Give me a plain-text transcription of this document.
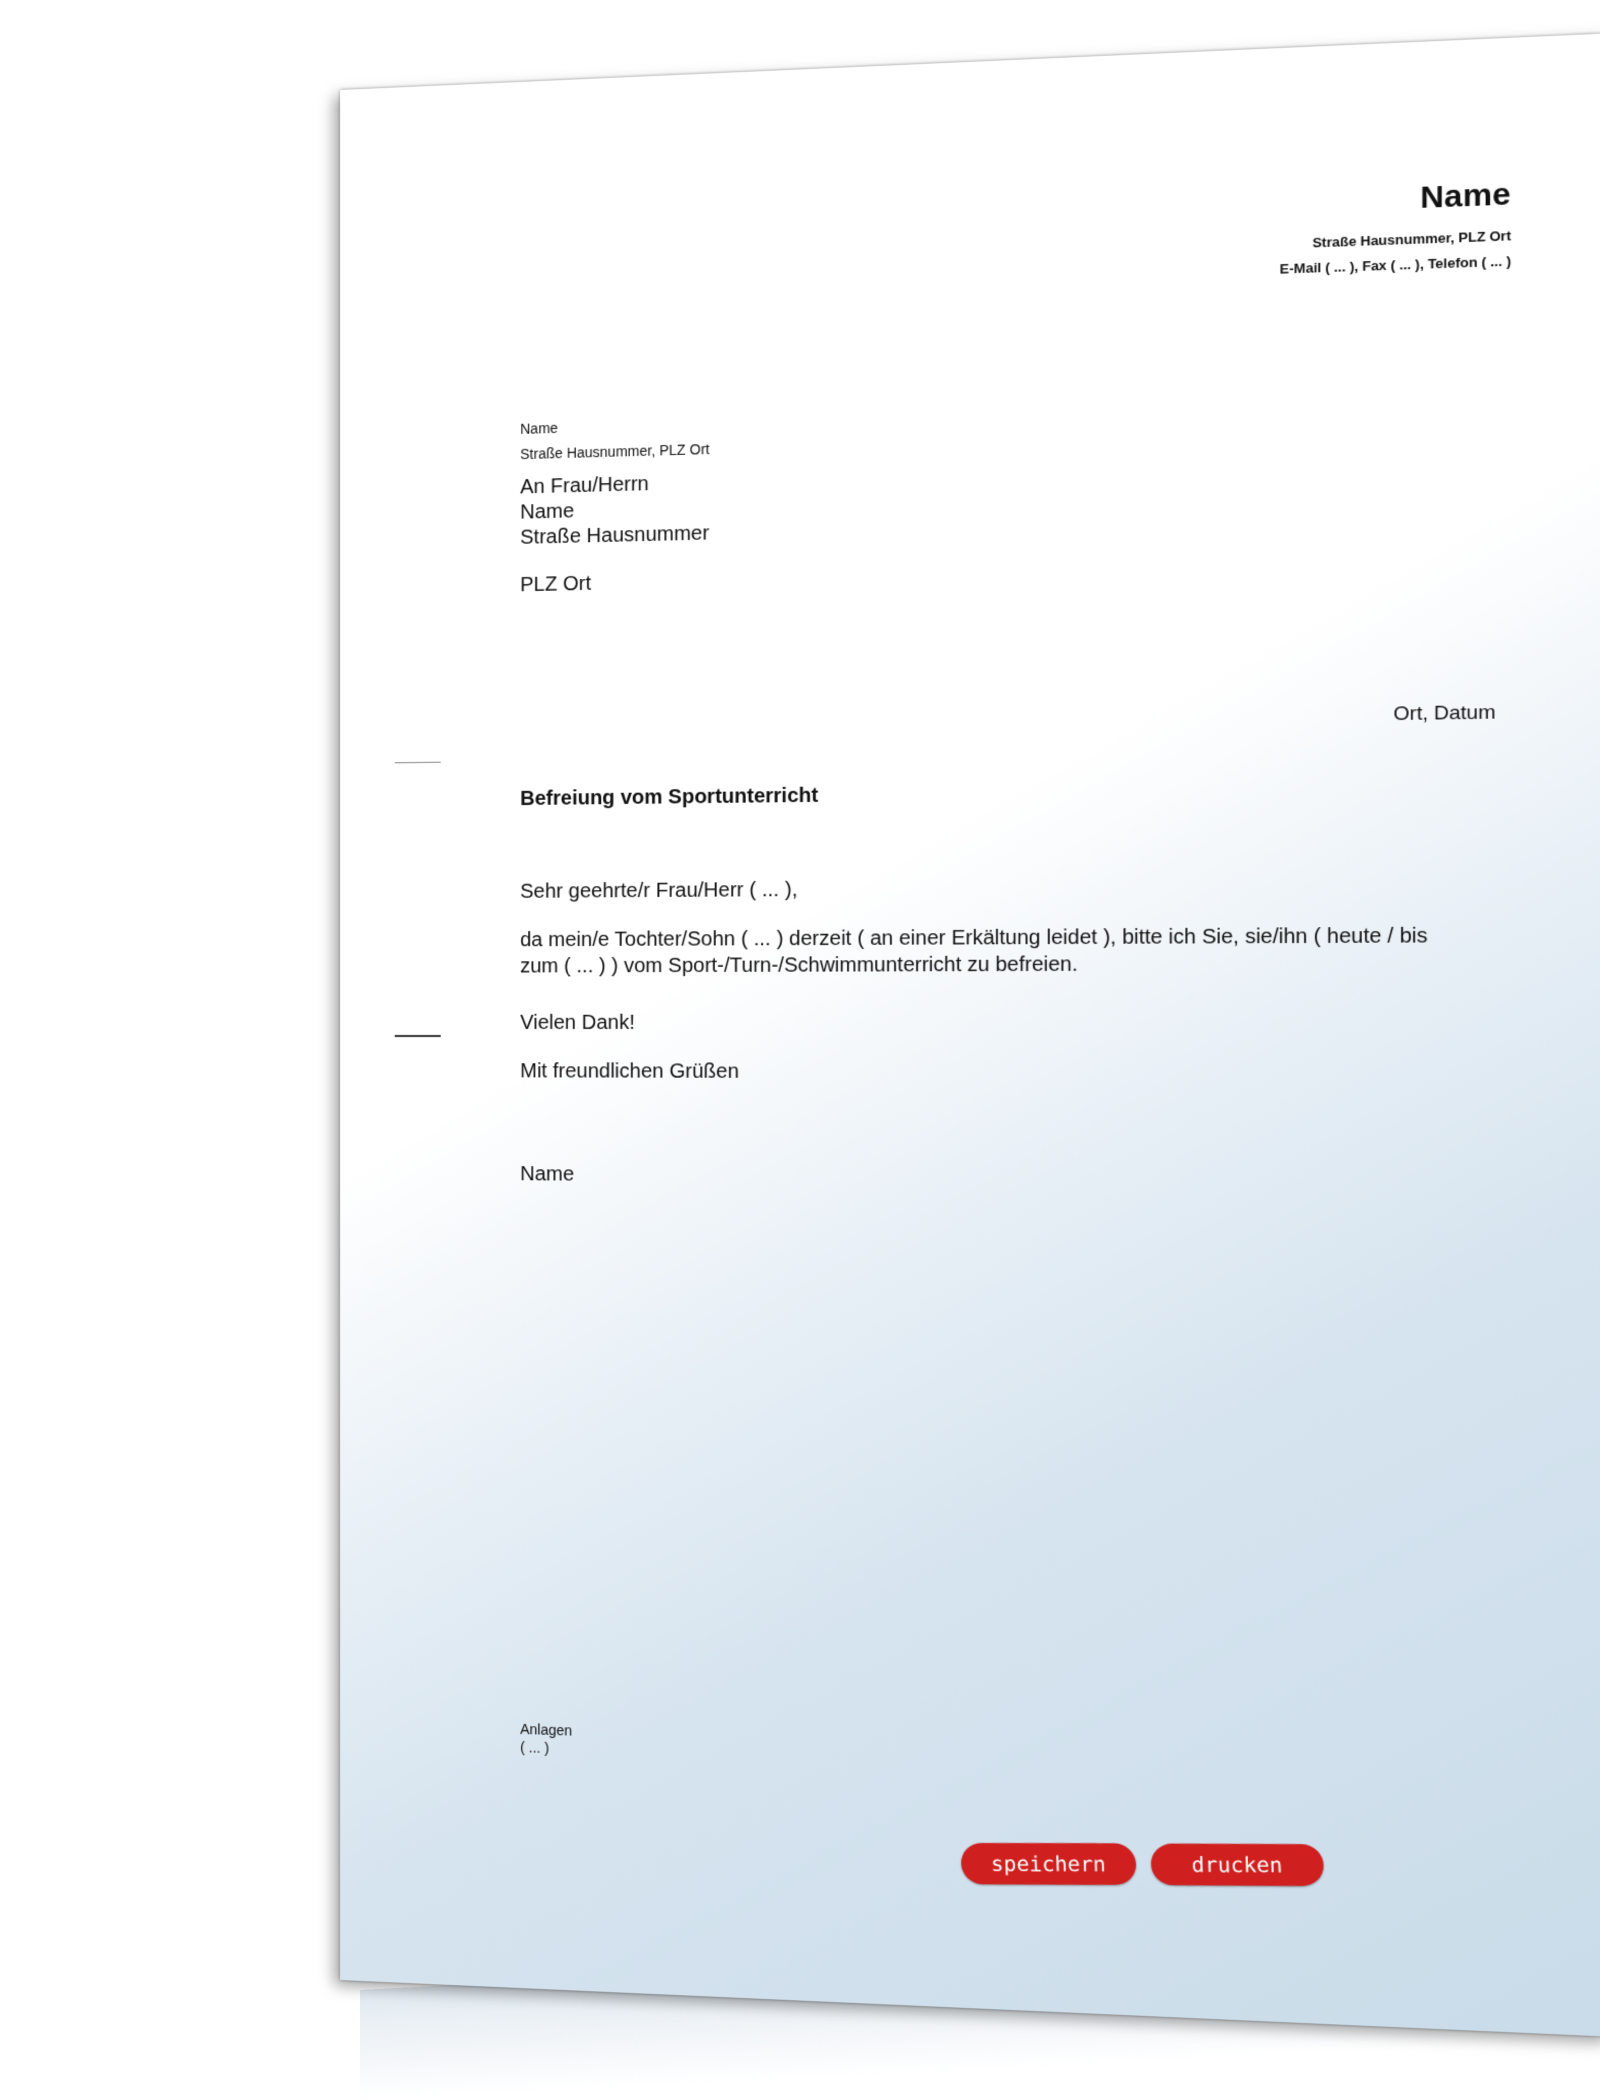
Name
Straße Hausnummer, PLZ Ort
E-Mail ( ... ), Fax ( ... ), Telefon ( ... )
Name
Straße Hausnummer, PLZ Ort
An Frau/Herrn
Name
Straße Hausnummer
PLZ Ort
Ort, Datum
Befreiung vom Sportunterricht
Sehr geehrte/r Frau/Herr ( ... ),
da mein/e Tochter/Sohn ( ... ) derzeit ( an einer Erkältung leidet ), bitte ich Sie, sie/ihn ( heute / bis zum ( ... ) ) vom Sport-/Turn-/Schwimmunterricht zu befreien.
Vielen Dank!
Mit freundlichen Grüßen
Name
Anlagen
( ... )
speichern	drucken
